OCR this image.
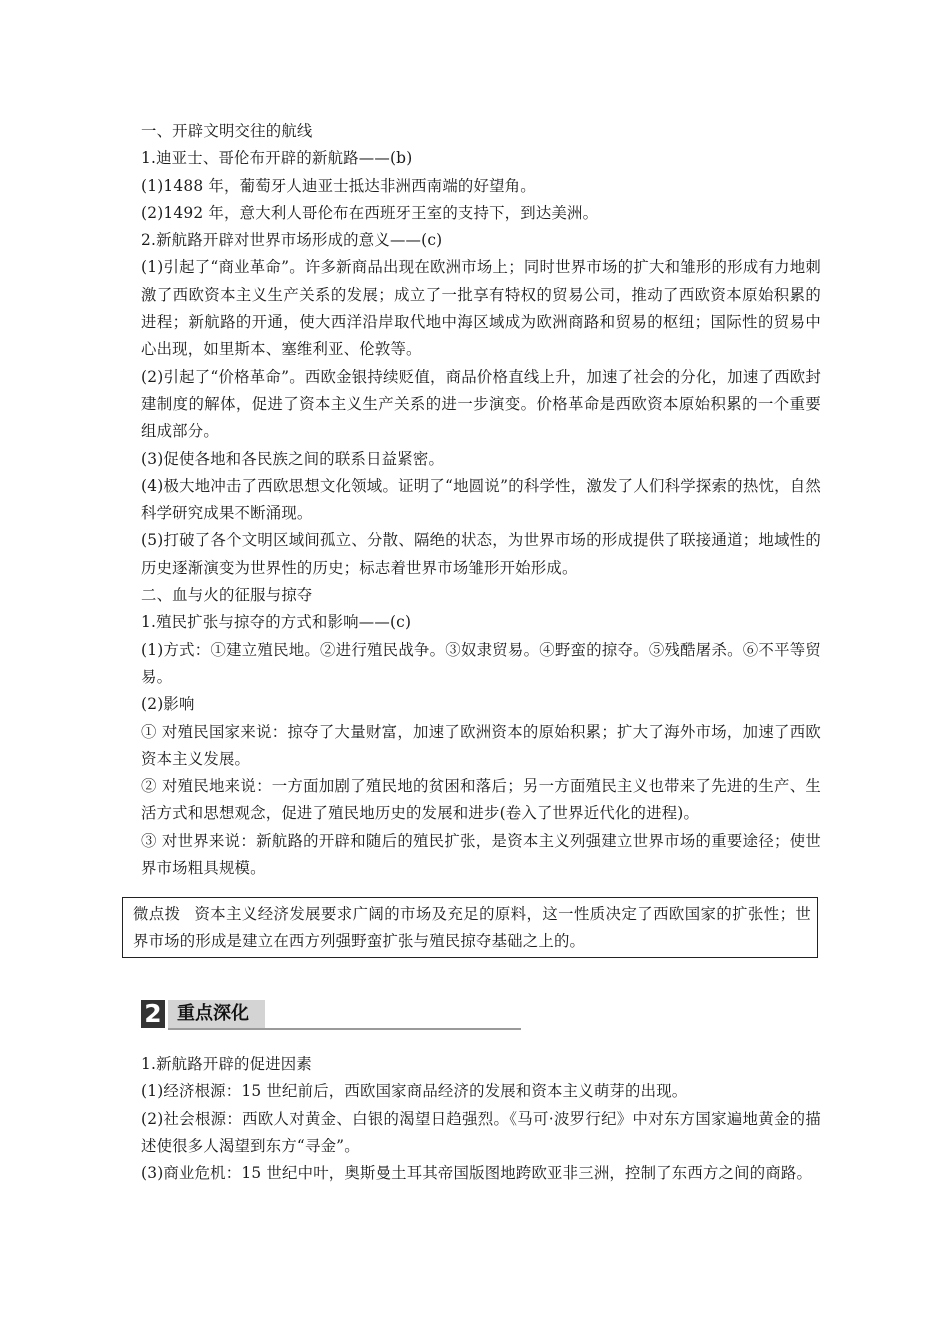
一、开辟文明交往的航线
1.迪亚士、哥伦布开辟的新航路——(b)
(1)1488 年，葡萄牙人迪亚士抵达非洲西南端的好望角。
(2)1492 年，意大利人哥伦布在西班牙王室的支持下，到达美洲。
2.新航路开辟对世界市场形成的意义——(c)
(1)引起了“商业革命”。许多新商品出现在欧洲市场上；同时世界市场的扩大和雏形的形成有力地刺激了西欧资本主义生产关系的发展；成立了一批享有特权的贸易公司，推动了西欧资本原始积累的进程；新航路的开通，使大西洋沿岸取代地中海区域成为欧洲商路和贸易的枢纽；国际性的贸易中心出现，如里斯本、塞维利亚、伦敦等。
(2)引起了“价格革命”。西欧金银持续贬值，商品价格直线上升，加速了社会的分化，加速了西欧封建制度的解体，促进了资本主义生产关系的进一步演变。价格革命是西欧资本原始积累的一个重要组成部分。
(3)促使各地和各民族之间的联系日益紧密。
(4)极大地冲击了西欧思想文化领域。证明了“地圆说”的科学性，激发了人们科学探索的热忱，自然科学研究成果不断涌现。
(5)打破了各个文明区域间孤立、分散、隔绝的状态，为世界市场的形成提供了联接通道；地域性的历史逐渐演变为世界性的历史；标志着世界市场雏形开始形成。
二、血与火的征服与掠夺
1.殖民扩张与掠夺的方式和影响——(c)
(1)方式：①建立殖民地。②进行殖民战争。③奴隶贸易。④野蛮的掠夺。⑤残酷屠杀。⑥不平等贸易。
(2)影响
① 对殖民国家来说：掠夺了大量财富，加速了欧洲资本的原始积累；扩大了海外市场，加速了西欧资本主义发展。
② 对殖民地来说：一方面加剧了殖民地的贫困和落后；另一方面殖民主义也带来了先进的生产、生活方式和思想观念，促进了殖民地历史的发展和进步(卷入了世界近代化的进程)。
③ 对世界来说：新航路的开辟和随后的殖民扩张，是资本主义列强建立世界市场的重要途径；使世界市场粗具规模。
微点拨 资本主义经济发展要求广阔的市场及充足的原料，这一性质决定了西欧国家的扩张性；世界市场的形成是建立在西方列强野蛮扩张与殖民掠夺基础之上的。
2 重点深化
1.新航路开辟的促进因素
(1)经济根源：15 世纪前后，西欧国家商品经济的发展和资本主义萌芽的出现。
(2)社会根源：西欧人对黄金、白银的渴望日趋强烈。《马可·波罗行纪》中对东方国家遍地黄金的描述使很多人渴望到东方“寻金”。
(3)商业危机：15 世纪中叶，奥斯曼土耳其帝国版图地跨欧亚非三洲，控制了东西方之间的商路。
